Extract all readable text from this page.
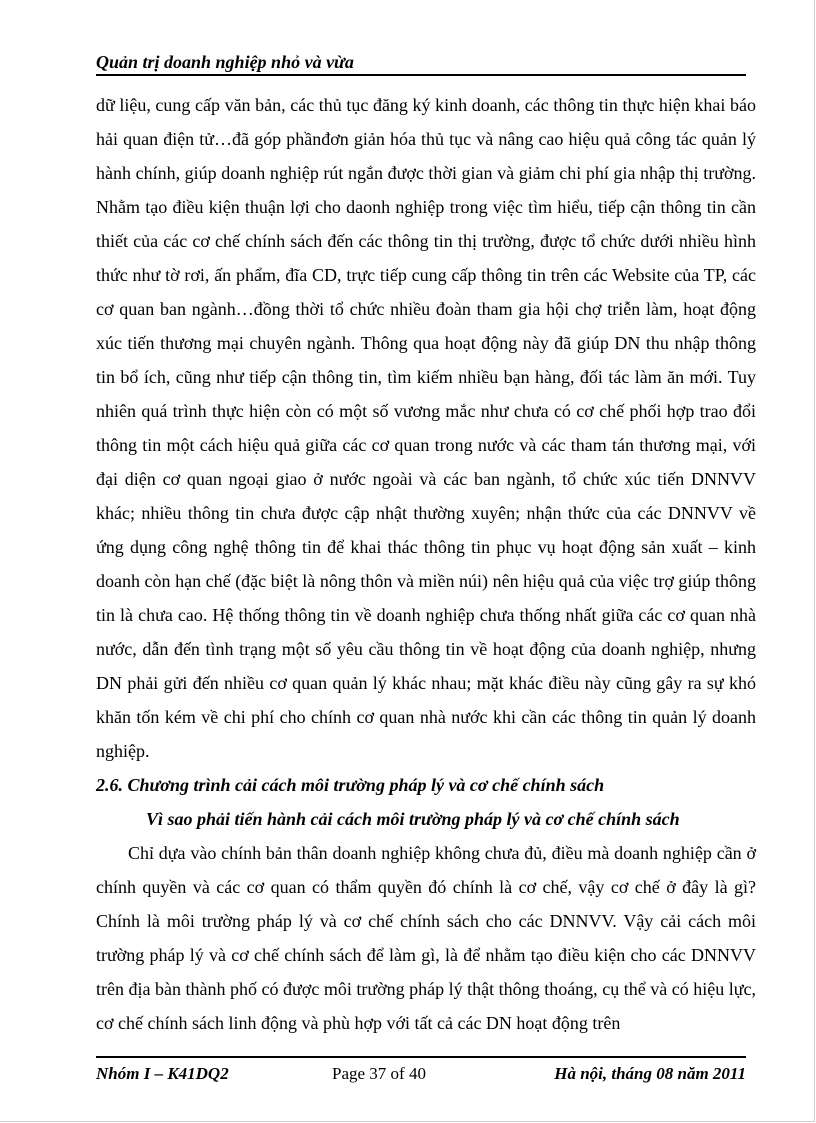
Quản trị doanh nghiệp nhỏ và vừa

dữ liệu, cung cấp văn bản, các thủ tục đăng ký kinh doanh, các thông tin thực hiện khai báo hải quan điện tử…đã góp phầnđơn giản hóa thủ tục và nâng cao hiệu quả công tác quản lý hành chính, giúp doanh nghiệp rút ngắn được thời gian và giảm chi phí gia nhập thị trường. Nhằm tạo điều kiện thuận lợi cho daonh nghiệp trong việc tìm hiểu, tiếp cận thông tin cần thiết của các cơ chế chính sách đến các thông tin thị trường, được tổ chức dưới nhiều hình thức như tờ rơi, ấn phẩm, đĩa CD, trực tiếp cung cấp thông tin trên các Website của TP, các cơ quan ban ngành…đồng thời tổ chức nhiều đoàn tham gia hội chợ triễn làm, hoạt động xúc tiến thương mại chuyên ngành. Thông qua hoạt động này đã giúp DN thu nhập thông tin bổ ích, cũng như tiếp cận thông tin, tìm kiếm nhiều bạn hàng, đối tác làm ăn mới. Tuy nhiên quá trình thực hiện còn có một số vương mắc như chưa có cơ chế phối hợp trao đổi thông tin một cách hiệu quả giữa các cơ quan trong nước và các tham tán thương mại, với đại diện cơ quan ngoại giao ở nước ngoài và các ban ngành, tổ chức xúc tiến DNNVV khác; nhiều thông tin chưa được cập nhật thường xuyên; nhận thức của các DNNVV về ứng dụng công nghệ thông tin để khai thác thông tin phục vụ hoạt động sản xuất – kinh doanh còn hạn chế (đặc biệt là nông thôn và miền núi) nên hiệu quả của việc trợ giúp thông tin là chưa cao. Hệ thống thông tin về doanh nghiệp chưa thống nhất giữa các cơ quan nhà nước, dẫn đến tình trạng một số yêu cầu thông tin về hoạt động của doanh nghiệp, nhưng DN phải gửi đến nhiều cơ quan quản lý khác nhau; mặt khác điều này cũng gây ra sự khó khăn tốn kém về chi phí cho chính cơ quan nhà nước khi cần các thông tin quản lý doanh nghiệp.

2.6. Chương trình cải cách môi trường pháp lý và cơ chế chính sách

Vì sao phải tiến hành cải cách môi trường pháp lý và cơ chế chính sách

Chỉ dựa vào chính bản thân doanh nghiệp không chưa đủ, điều mà doanh nghiệp cần ở chính quyền và các cơ quan có thẩm quyền đó chính là cơ chế, vậy cơ chế ở đây là gì? Chính là môi trường pháp lý và cơ chế chính sách cho các DNNVV. Vậy cải cách môi trường pháp lý và cơ chế chính sách để làm gì, là để nhằm tạo điều kiện cho các DNNVV trên địa bàn thành phố có được môi trường pháp lý thật thông thoáng, cụ thể và có hiệu lực, cơ chế chính sách linh động và phù hợp với tất cả các DN hoạt động trên

Nhóm I – K41DQ2	Page 37 of 40	Hà nội, tháng 08 năm 2011
